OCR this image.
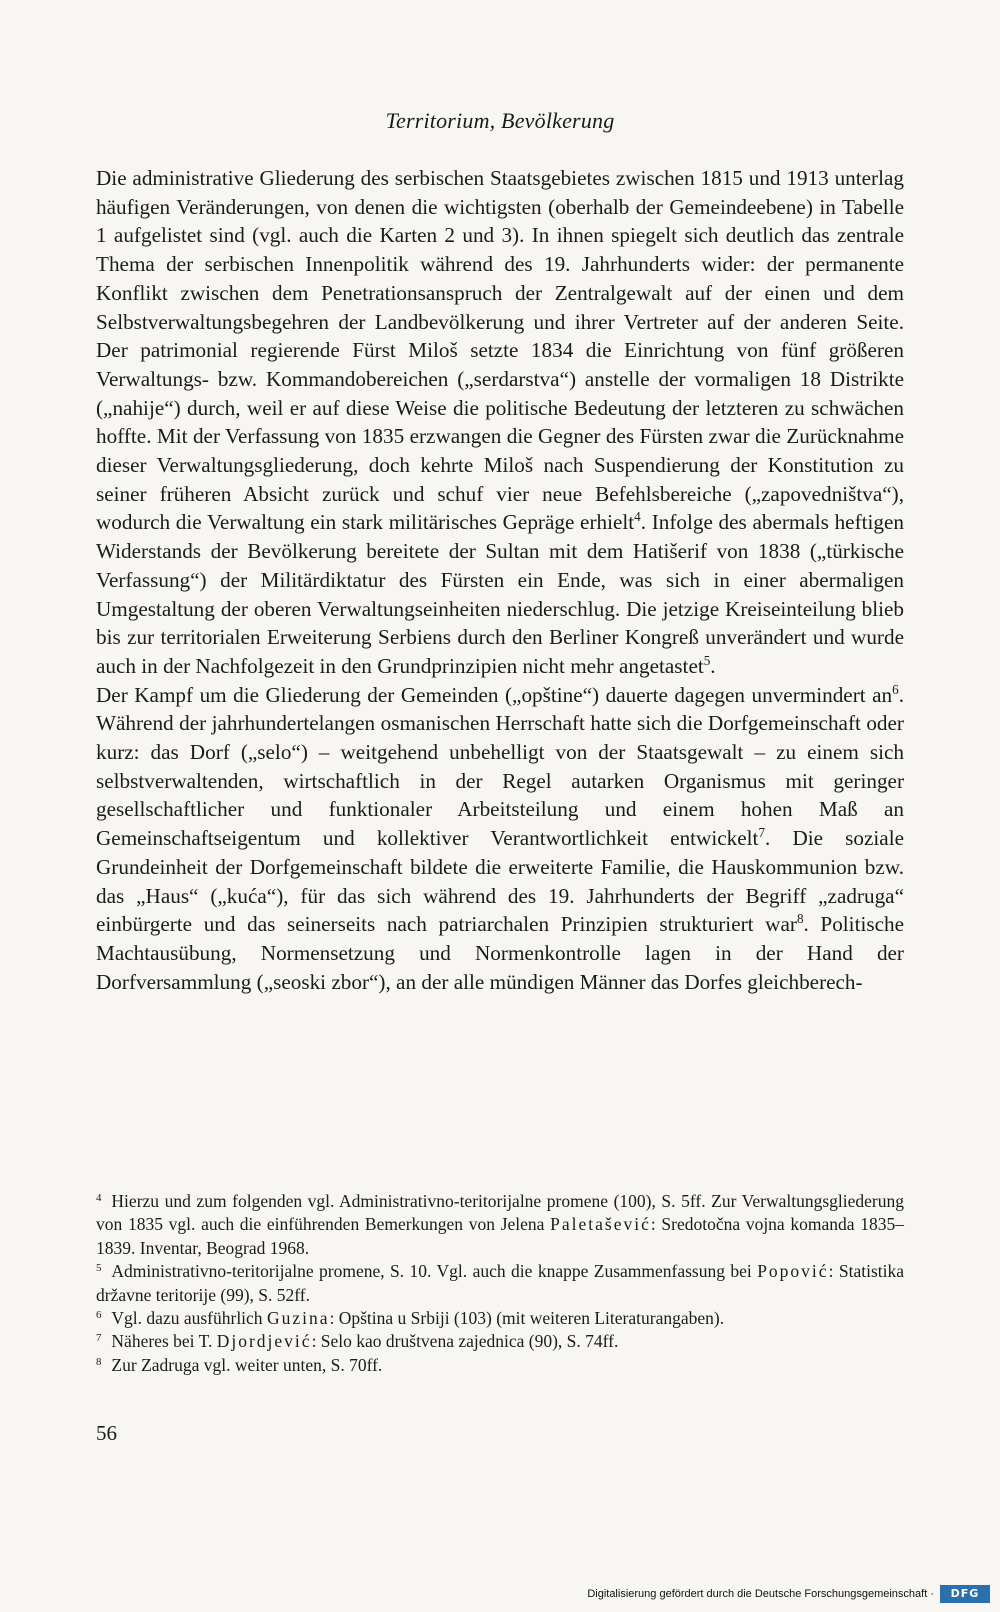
Territorium, Bevölkerung

Die administrative Gliederung des serbischen Staatsgebietes zwischen 1815 und 1913 unterlag häufigen Veränderungen, von denen die wichtigsten (oberhalb der Gemeindeebene) in Tabelle 1 aufgelistet sind (vgl. auch die Karten 2 und 3). In ihnen spiegelt sich deutlich das zentrale Thema der serbischen Innenpolitik während des 19. Jahrhunderts wider: der permanente Konflikt zwischen dem Penetrationsanspruch der Zentralgewalt auf der einen und dem Selbstverwaltungsbegehren der Landbevölkerung und ihrer Vertreter auf der anderen Seite. Der patrimonial regierende Fürst Miloš setzte 1834 die Einrichtung von fünf größeren Verwaltungs- bzw. Kommandobereichen („serdarstva“) anstelle der vormaligen 18 Distrikte („nahije“) durch, weil er auf diese Weise die politische Bedeutung der letzteren zu schwächen hoffte. Mit der Verfassung von 1835 erzwangen die Gegner des Fürsten zwar die Zurücknahme dieser Verwaltungsgliederung, doch kehrte Miloš nach Suspendierung der Konstitution zu seiner früheren Absicht zurück und schuf vier neue Befehlsbereiche („zapovedništva“), wodurch die Verwaltung ein stark militärisches Gepräge erhielt$^4$. Infolge des abermals heftigen Widerstands der Bevölkerung bereitete der Sultan mit dem Hatišerif von 1838 („türkische Verfassung“) der Militärdiktatur des Fürsten ein Ende, was sich in einer abermaligen Umgestaltung der oberen Verwaltungseinheiten niederschlug. Die jetzige Kreiseinteilung blieb bis zur territorialen Erweiterung Serbiens durch den Berliner Kongreß unverändert und wurde auch in der Nachfolgezeit in den Grundprinzipien nicht mehr angetastet$^5$.

Der Kampf um die Gliederung der Gemeinden („opštine“) dauerte dagegen unvermindert $an^6$. Während der jahrhundertelangen osmanischen Herrschaft hatte sich die Dorfgemeinschaft oder kurz: das Dorf („selo“) – weitgehend unbehelligt von der Staatsgewalt – zu einem sich selbstverwaltenden, wirtschaftlich in der Regel autarken Organismus mit geringer gesellschaftlicher und funktionaler Arbeitsteilung und einem hohen Maß an Gemeinschaftseigentum und kollektiver Verantwortlichkeit entwickelt$^7$. Die soziale Grundeinheit der Dorfgemeinschaft bildete die erweiterte Familie, die Hauskommunion bzw. das „Haus“ („kuća“), für das sich während des 19. Jahrhunderts der Begriff „zadruga“ einbürgerte und das seinerseits nach patriarchalen Prinzipien strukturiert war$^8$. Politische Machtausübung, Normensetzung und Normenkontrolle lagen in der Hand der Dorfversammlung („seoski zbor“), an der alle mündigen Männer das Dorfes gleichberech-

$^4$ Hierzu und zum folgenden vgl. Administrativno-teritorijalne promene (100), S. 5ff. Zur Verwaltungsgliederung von 1835 vgl. auch die einführenden Bemerkungen von Jelena Paletašević: Sredotočna vojna komanda 1835–1839. Inventar, Beograd 1968.

$^5$ Administrativno-teritorijalne promene, S. 10. Vgl. auch die knappe Zusammenfassung bei Popović: Statistika državne teritorije (99), S. 52ff.

$^6$ Vgl. dazu ausführlich Guzina: Opština u Srbiji (103) (mit weiteren Literaturangaben).

$^7$ Näheres bei T. Djordjević: Selo kao društvena zajednica (90), S. 74ff.

$^8$ Zur Zadruga vgl. weiter unten, S. 70ff.

56
Digitalisierung gefördert durch die Deutsche Forschungsgemeinschaft ·	DFG
